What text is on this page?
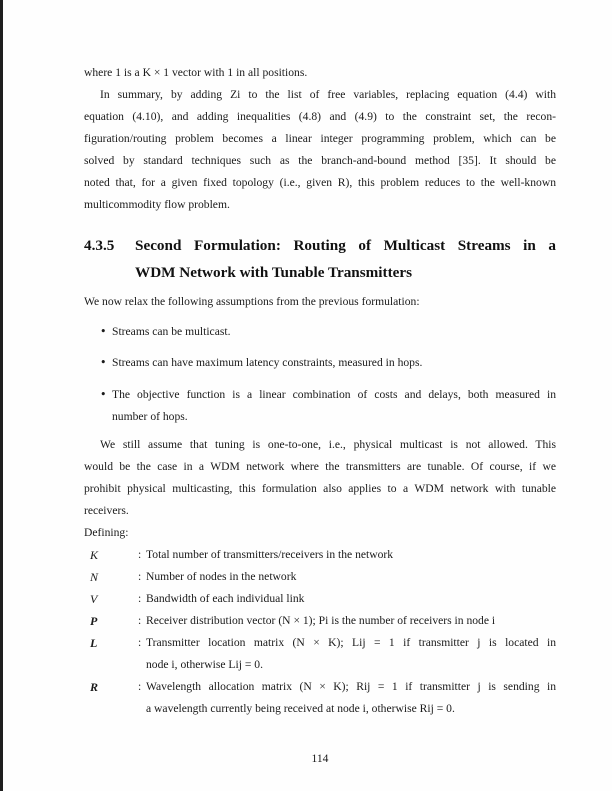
where 1 is a K × 1 vector with 1 in all positions.
In summary, by adding Zi to the list of free variables, replacing equation (4.4) with
equation (4.10), and adding inequalities (4.8) and (4.9) to the constraint set, the recon-
figuration/routing problem becomes a linear integer programming problem, which can be
solved by standard techniques such as the branch-and-bound method [35]. It should be
noted that, for a given fixed topology (i.e., given R), this problem reduces to the well-known
multicommodity flow problem.
4.3.5 Second Formulation: Routing of Multicast Streams in a
WDM Network with Tunable Transmitters
We now relax the following assumptions from the previous formulation:
• Streams can be multicast.
• Streams can have maximum latency constraints, measured in hops.
• The objective function is a linear combination of costs and delays, both measured in
number of hops.
We still assume that tuning is one-to-one, i.e., physical multicast is not allowed. This
would be the case in a WDM network where the transmitters are tunable. Of course, if we
prohibit physical multicasting, this formulation also applies to a WDM network with tunable
receivers.
Defining:
K	: Total number of transmitters/receivers in the network
N	: Number of nodes in the network
V	: Bandwidth of each individual link
P	: Receiver distribution vector (N × 1); Pi is the number of receivers in node i
L	: Transmitter location matrix (N × K); Lij = 1 if transmitter j is located in
node i, otherwise Lij = 0.
R	: Wavelength allocation matrix (N × K); Rij = 1 if transmitter j is sending in
a wavelength currently being received at node i, otherwise Rij = 0.
114
